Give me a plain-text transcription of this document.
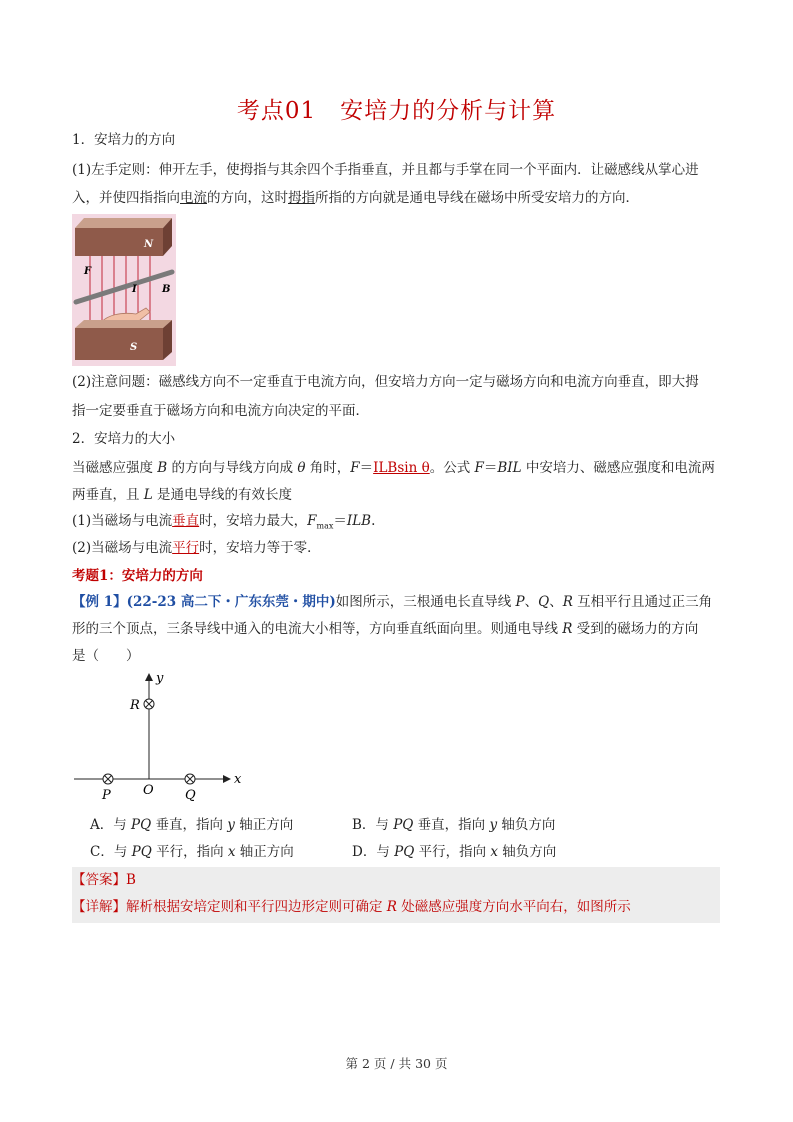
考点01　安培力的分析与计算
1．安培力的方向
(1)左手定则：伸开左手，使拇指与其余四个手指垂直，并且都与手掌在同一个平面内．让磁感线从掌心进
入，并使四指指向电流的方向，这时拇指所指的方向就是通电导线在磁场中所受安培力的方向．
N
F
I	B
S
(2)注意问题：磁感线方向不一定垂直于电流方向，但安培力方向一定与磁场方向和电流方向垂直，即大拇
指一定要垂直于磁场方向和电流方向决定的平面．
2．安培力的大小
当磁感应强度 B 的方向与导线方向成 θ 角时，F＝ILBsin θ。公式 F＝BIL 中安培力、磁感应强度和电流两
两垂直，且 L 是通电导线的有效长度
(1)当磁场与电流垂直时，安培力最大，$F_{max}=ILB$.
(2)当磁场与电流平行时，安培力等于零．
考题1：安培力的方向
【例 1】(22-23 高二下・广东东莞・期中)如图所示，三根通电长直导线 P、Q、R 互相平行且通过正三角
形的三个顶点，三条导线中通入的电流大小相等，方向垂直纸面向里。则通电导线 R 受到的磁场力的方向
是（　　）
x
y
O
P	Q
R
A．与 PQ 垂直，指向 y 轴正方向	B．与 PQ 垂直，指向 y 轴负方向
C．与 PQ 平行，指向 x 轴正方向	D．与 PQ 平行，指向 x 轴负方向
【答案】B
【详解】解析根据安培定则和平行四边形定则可确定 R 处磁感应强度方向水平向右，如图所示
第 2 页 / 共 30 页
